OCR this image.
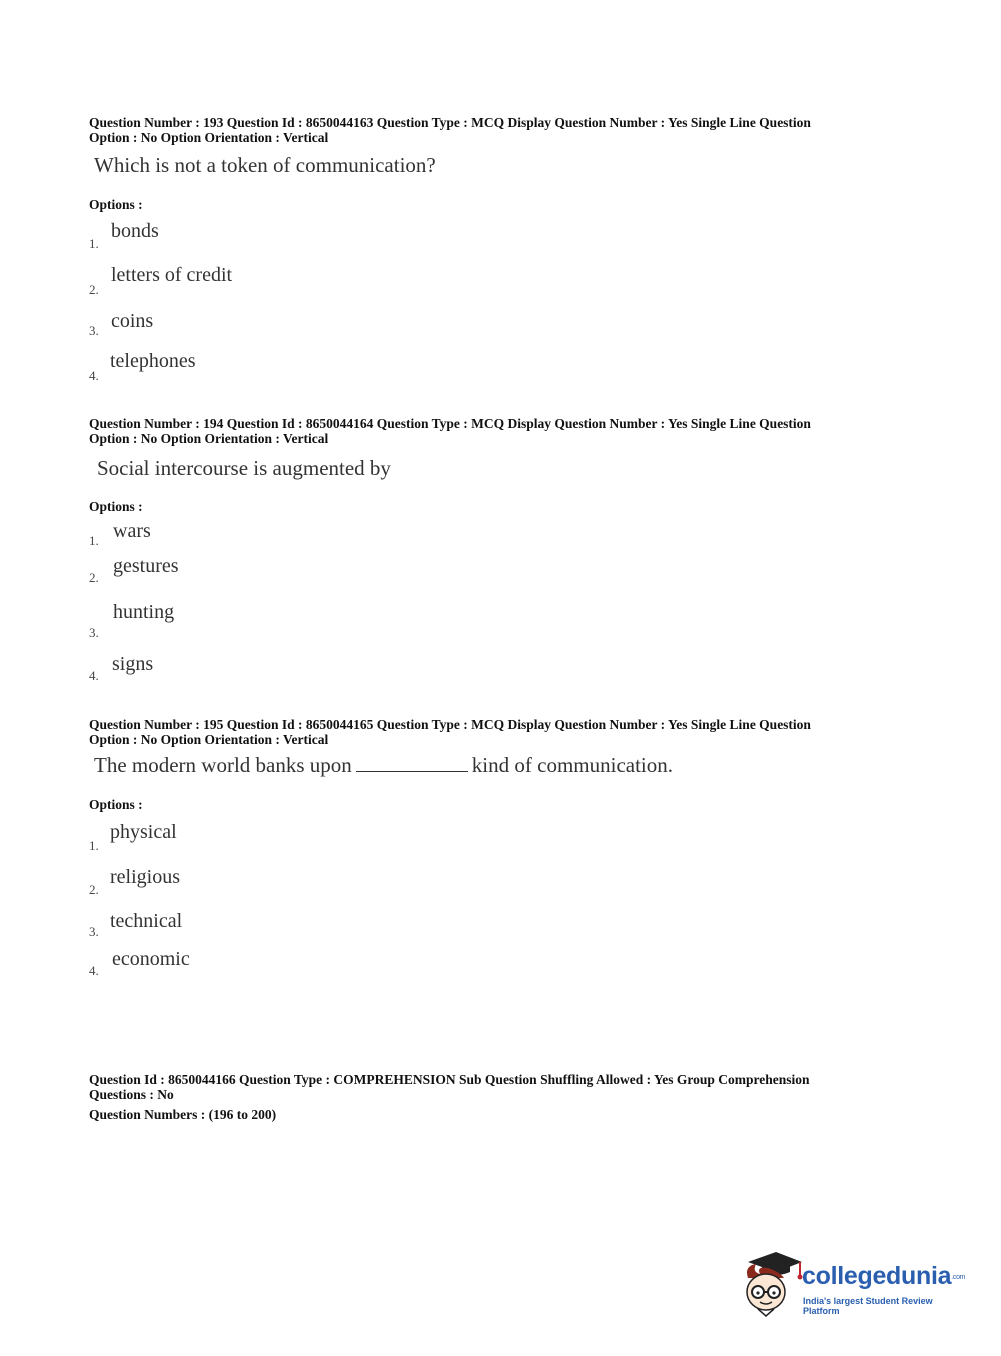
Question Number : 193 Question Id : 8650044163 Question Type : MCQ Display Question Number : Yes Single Line Question
Option : No Option Orientation : Vertical
Which is not a token of communication?
Options :
1.
bonds
2.
letters of credit
3. coins
4.
telephones
Question Number : 194 Question Id : 8650044164 Question Type : MCQ Display Question Number : Yes Single Line Question
Option : No Option Orientation : Vertical
Social intercourse is augmented by
Options :
1. wars
2.
gestures
3.
hunting
4.
signs
Question Number : 195 Question Id : 8650044165 Question Type : MCQ Display Question Number : Yes Single Line Question
Option : No Option Orientation : Vertical
The modern world banks upon	kind of communication.
Options :
1.
physical
2.
religious
3. technical
4.
economic
Question Id : 8650044166 Question Type : COMPREHENSION Sub Question Shuffling Allowed : Yes Group Comprehension
Questions : No
Question Numbers : (196 to 200)
collegedunia.com
India's largest Student Review Platform
